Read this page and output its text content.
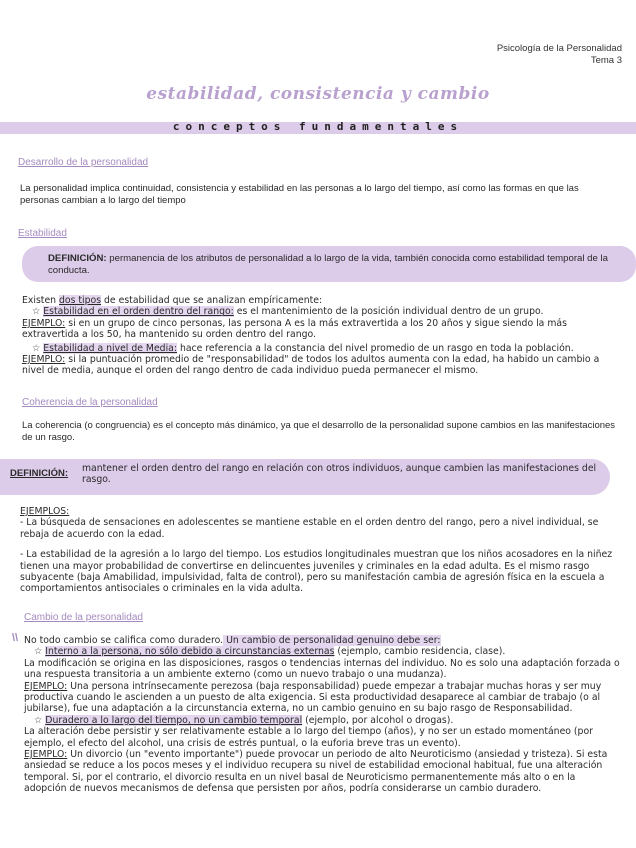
Psicología de la Personalidad
Tema 3
estabilidad, consistencia y cambio
conceptos fundamentales
Desarrollo de la personalidad
La personalidad implica continuidad, consistencia y estabilidad en las personas a lo largo del tiempo, así como las formas en que las personas cambian a lo largo del tiempo
Estabilidad
DEFINICIÓN: permanencia de los atributos de personalidad a lo largo de la vida, también conocida como estabilidad temporal de la conducta.
Existen dos tipos de estabilidad que se analizan empíricamente:
☆ Estabilidad en el orden dentro del rango: es el mantenimiento de la posición individual dentro de un grupo.
EJEMPLO: si en un grupo de cinco personas, las persona A es la más extravertida a los 20 años y sigue siendo la más extravertida a los 50, ha mantenido su orden dentro del rango.
☆ Estabilidad a nivel de Media: hace referencia a la constancia del nivel promedio de un rasgo en toda la población.
EJEMPLO: si la puntuación promedio de "responsabilidad" de todos los adultos aumenta con la edad, ha habido un cambio a nivel de media, aunque el orden del rango dentro de cada individuo pueda permanecer el mismo.
Coherencia de la personalidad
La coherencia (o congruencia) es el concepto más dinámico, ya que el desarrollo de la personalidad supone cambios en las manifestaciones de un rasgo.
DEFINICIÓN: mantener el orden dentro del rango en relación con otros individuos, aunque cambien las manifestaciones del rasgo.
EJEMPLOS:
- La búsqueda de sensaciones en adolescentes se mantiene estable en el orden dentro del rango, pero a nivel individual, se rebaja de acuerdo con la edad.
- La estabilidad de la agresión a lo largo del tiempo. Los estudios longitudinales muestran que los niños acosadores en la niñez tienen una mayor probabilidad de convertirse en delincuentes juveniles y criminales en la edad adulta. Es el mismo rasgo subyacente (baja Amabilidad, impulsividad, falta de control), pero su manifestación cambia de agresión física en la escuela a comportamientos antisociales o criminales en la vida adulta.
Cambio de la personalidad
\\ No todo cambio se califica como duradero. Un cambio de personalidad genuino debe ser:
☆ Interno a la persona, no sólo debido a circunstancias externas (ejemplo, cambio residencia, clase).
La modificación se origina en las disposiciones, rasgos o tendencias internas del individuo. No es solo una adaptación forzada o una respuesta transitoria a un ambiente externo (como un nuevo trabajo o una mudanza).
EJEMPLO: Una persona intrínsecamente perezosa (baja responsabilidad) puede empezar a trabajar muchas horas y ser muy productiva cuando le ascienden a un puesto de alta exigencia. Si esta productividad desaparece al cambiar de trabajo (o al jubilarse), fue una adaptación a la circunstancia externa, no un cambio genuino en su bajo rasgo de Responsabilidad.
☆ Duradero a lo largo del tiempo, no un cambio temporal (ejemplo, por alcohol o drogas).
La alteración debe persistir y ser relativamente estable a lo largo del tiempo (años), y no ser un estado momentáneo (por ejemplo, el efecto del alcohol, una crisis de estrés puntual, o la euforia breve tras un evento).
EJEMPLO: Un divorcio (un "evento importante") puede provocar un periodo de alto Neuroticismo (ansiedad y tristeza). Si esta ansiedad se reduce a los pocos meses y el individuo recupera su nivel de estabilidad emocional habitual, fue una alteración temporal. Si, por el contrario, el divorcio resulta en un nivel basal de Neuroticismo permanentemente más alto o en la adopción de nuevos mecanismos de defensa que persisten por años, podría considerarse un cambio duradero.
